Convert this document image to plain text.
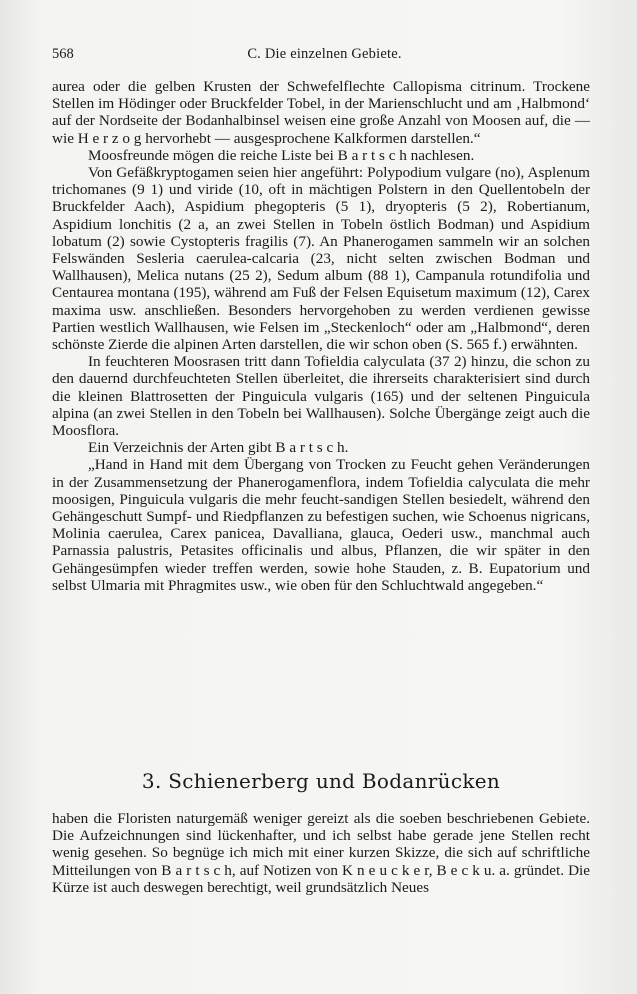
568	C. Die einzelnen Gebiete.

aurea oder die gelben Krusten der Schwefelflechte Callopisma citrinum. Trockene Stellen im Hödinger oder Bruckfelder Tobel, in der Marienschlucht und am ‚Halbmond‘ auf der Nordseite der Bodanhalbinsel weisen eine große Anzahl von Moosen auf, die — wie H e r z o g hervorhebt — ausgesprochene Kalkformen darstellen.“

Moosfreunde mögen die reiche Liste bei B a r t s c h nachlesen.

Von Gefäßkryptogamen seien hier angeführt: Polypodium vulgare (no), Asplenum trichomanes (9 1) und viride (10, oft in mächtigen Polstern in den Quellentobeln der Bruckfelder Aach), Aspidium phegopteris (5 1), dryopteris (5 2), Robertianum, Aspidium lonchitis (2 a, an zwei Stellen in Tobeln östlich Bodman) und Aspidium lobatum (2) sowie Cystopteris fragilis (7). An Phanerogamen sammeln wir an solchen Felswänden Sesleria caerulea-calcaria (23, nicht selten zwischen Bodman und Wallhausen), Melica nutans (25 2), Sedum album (88 1), Campanula rotundifolia und Centaurea montana (195), während am Fuß der Felsen Equisetum maximum (12), Carex maxima usw. anschließen. Besonders hervorgehoben zu werden verdienen gewisse Partien westlich Wallhausen, wie Felsen im „Steckenloch“ oder am „Halbmond“, deren schönste Zierde die alpinen Arten darstellen, die wir schon oben (S. 565 f.) erwähnten.

In feuchteren Moosrasen tritt dann Tofieldia calyculata (37 2) hinzu, die schon zu den dauernd durchfeuchteten Stellen überleitet, die ihrerseits charakterisiert sind durch die kleinen Blattrosetten der Pinguicula vulgaris (165) und der seltenen Pinguicula alpina (an zwei Stellen in den Tobeln bei Wallhausen). Solche Übergänge zeigt auch die Moosflora.

Ein Verzeichnis der Arten gibt B a r t s c h.

„Hand in Hand mit dem Übergang von Trocken zu Feucht gehen Veränderungen in der Zusammensetzung der Phanerogamenflora, indem Tofieldia calyculata die mehr moosigen, Pinguicula vulgaris die mehr feucht-sandigen Stellen besiedelt, während den Gehängeschutt Sumpf- und Riedpflanzen zu befestigen suchen, wie Schoenus nigricans, Molinia caerulea, Carex panicea, Davalliana, glauca, Oederi usw., manchmal auch Parnassia palustris, Petasites officinalis und albus, Pflanzen, die wir später in den Gehängesümpfen wieder treffen werden, sowie hohe Stauden, z. B. Eupatorium und selbst Ulmaria mit Phragmites usw., wie oben für den Schluchtwald angegeben.“

3. Schienerberg und Bodanrücken

haben die Floristen naturgemäß weniger gereizt als die soeben beschriebenen Gebiete. Die Aufzeichnungen sind lückenhafter, und ich selbst habe gerade jene Stellen recht wenig gesehen. So begnüge ich mich mit einer kurzen Skizze, die sich auf schriftliche Mitteilungen von B a r t s c h, auf Notizen von K n e u c k e r, B e c k u. a. gründet. Die Kürze ist auch deswegen berechtigt, weil grundsätzlich Neues
